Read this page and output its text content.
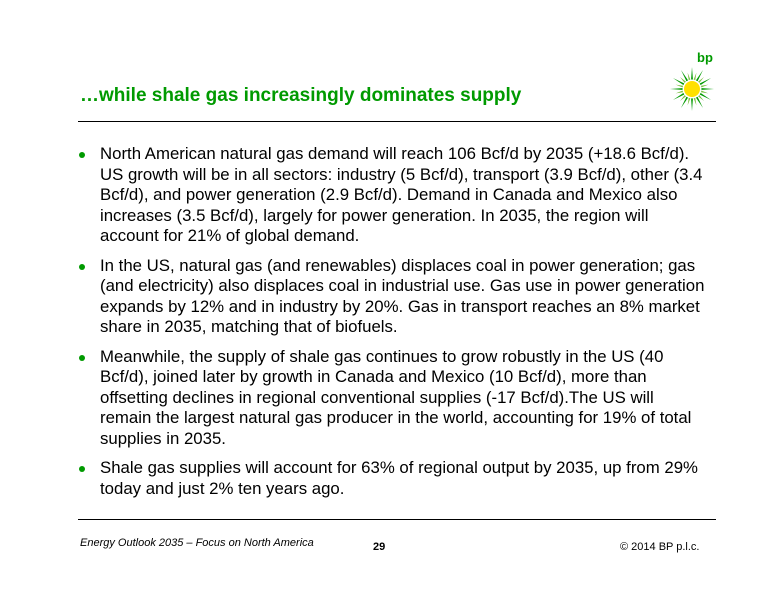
…while shale gas increasingly dominates supply
bp
North American natural gas demand will reach 106 Bcf/d by 2035 (+18.6 Bcf/d). US growth will be in all sectors: industry (5 Bcf/d), transport (3.9 Bcf/d), other (3.4 Bcf/d), and power generation (2.9 Bcf/d). Demand in Canada and Mexico also increases (3.5 Bcf/d), largely for power generation. In 2035, the region will account for 21% of global demand.
In the US, natural gas (and renewables) displaces coal in power generation; gas (and electricity) also displaces coal in industrial use. Gas use in power generation expands by 12% and in industry by 20%. Gas in transport reaches an 8% market share in 2035, matching that of biofuels.
Meanwhile, the supply of shale gas continues to grow robustly in the US (40 Bcf/d), joined later by growth in Canada and Mexico (10 Bcf/d), more than offsetting declines in regional conventional supplies (-17 Bcf/d).The US will remain the largest natural gas producer in the world, accounting for 19% of total supplies in 2035.
Shale gas supplies will account for 63% of regional output by 2035, up from 29% today and just 2% ten years ago.
Energy Outlook 2035 – Focus on North America	29	© 2014 BP p.l.c.
